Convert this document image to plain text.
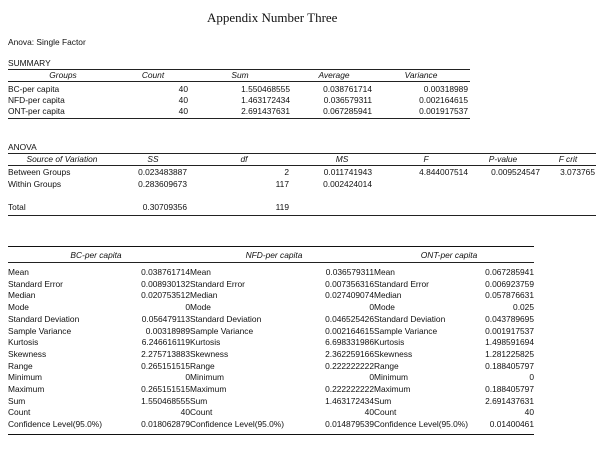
Appendix Number Three
Anova: Single Factor
SUMMARY
Groups	Count	Sum	Average	Variance
BC-per capita	40	1.550468555	0.038761714	0.00318989
NFD-per capita	40	1.463172434	0.036579311	0.002164615
ONT-per capita	40	2.691437631	0.067285941	0.001917537
ANOVA
Source of Variation	SS	df	MS	F	P-value	F crit
Between Groups	0.023483887	2	0.011741943	4.844007514	0.009524547	3.073765
Within Groups	0.283609673	117	0.002424014
Total	0.30709356	119
BC-per capita	NFD-per capita	ONT-per capita
Mean	0.038761714	Mean	0.036579311	Mean	0.067285941
Standard Error	0.008930132	Standard Error	0.007356316	Standard Error	0.006923759
Median	0.020753512	Median	0.027409074	Median	0.057876631
Mode	0	Mode	0	Mode	0.025
Standard Deviation	0.056479113	Standard Deviation	0.046525426	Standard Deviation	0.043789695
Sample Variance	0.00318989	Sample Variance	0.002164615	Sample Variance	0.001917537
Kurtosis	6.246616119	Kurtosis	6.698331986	Kurtosis	1.498591694
Skewness	2.275713883	Skewness	2.362259166	Skewness	1.281225825
Range	0.265151515	Range	0.222222222	Range	0.188405797
Minimum	0	Minimum	0	Minimum	0
Maximum	0.265151515	Maximum	0.222222222	Maximum	0.188405797
Sum	1.550468555	Sum	1.463172434	Sum	2.691437631
Count	40	Count	40	Count	40
Confidence Level(95.0%)	0.018062879	Confidence Level(95.0%)	0.014879539	Confidence Level(95.0%)	0.01400461
